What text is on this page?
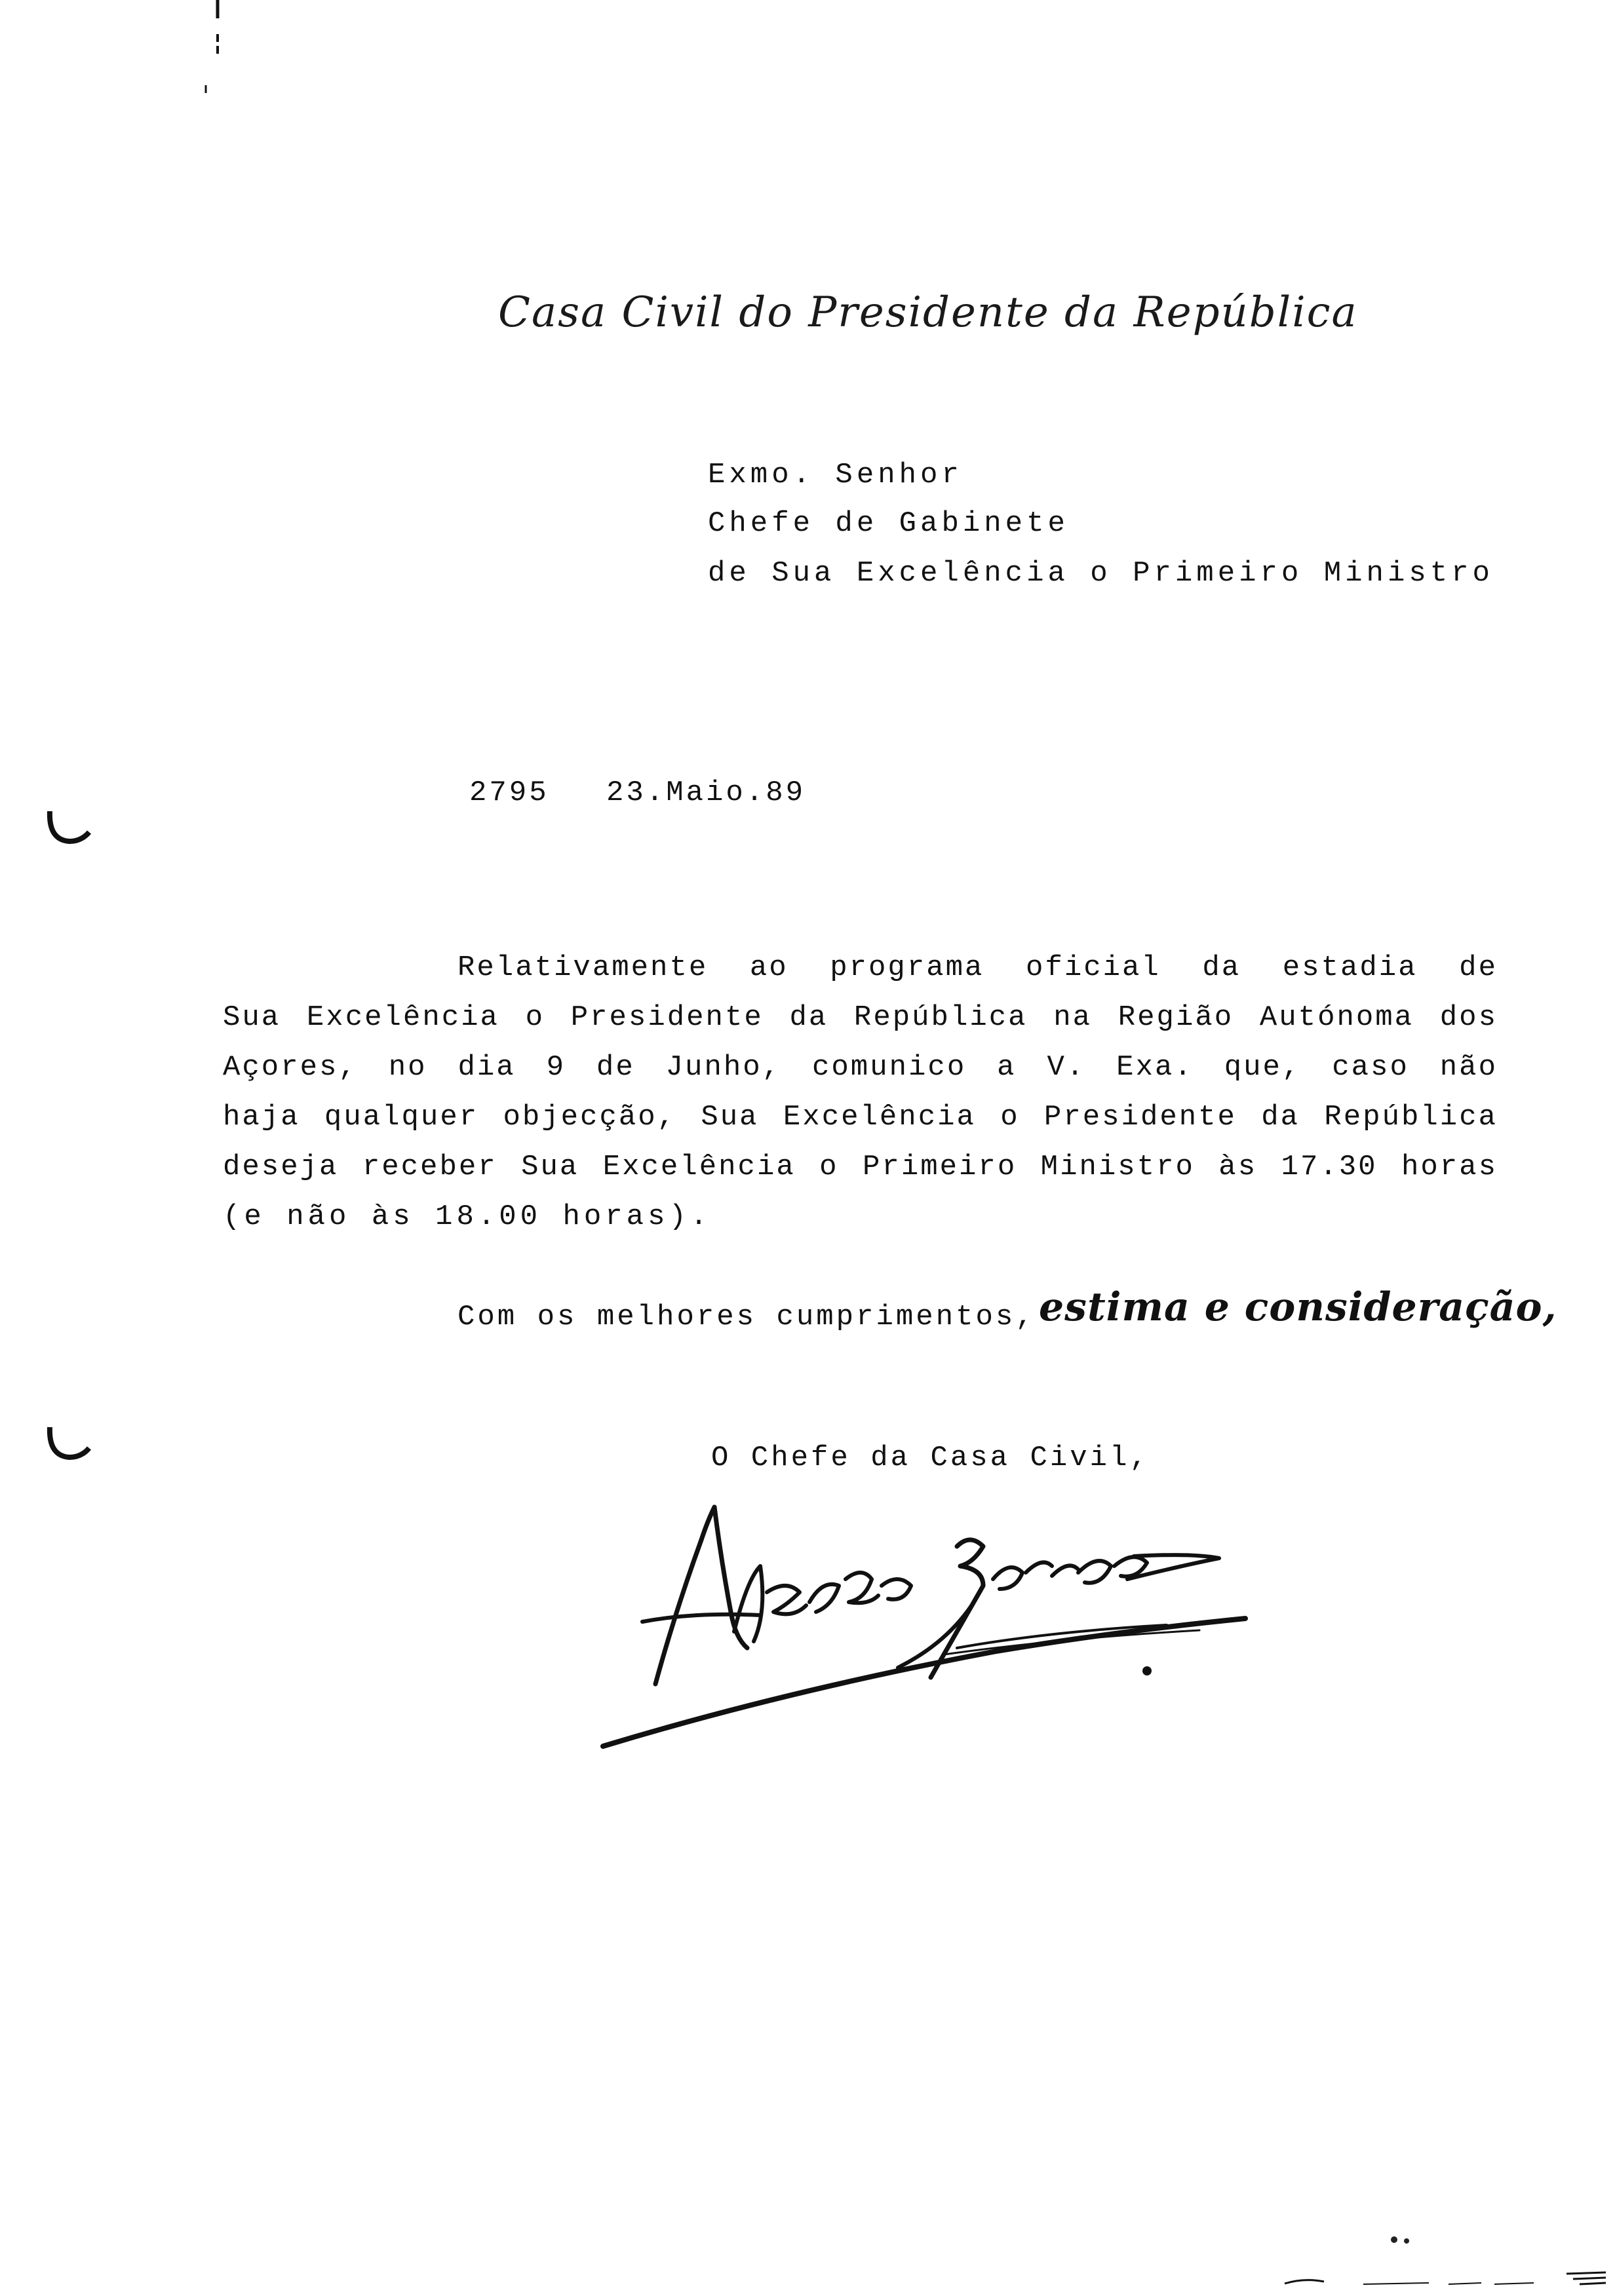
Casa Civil do Presidente da República
Exmo. Senhor
Chefe de Gabinete
de Sua Excelência o Primeiro Ministro
2795 23.Maio.89
Relativamente ao programa oficial da estadia de
Sua Excelência o Presidente da República na Região Autónoma dos
Açores, no dia 9 de Junho, comunico a V. Exa. que, caso não
haja qualquer objecção, Sua Excelência o Presidente da República
deseja receber Sua Excelência o Primeiro Ministro às 17.30 horas
(e não às 18.00 horas).
Com os melhores cumprimentos, estima e consideração,
O Chefe da Casa Civil,
